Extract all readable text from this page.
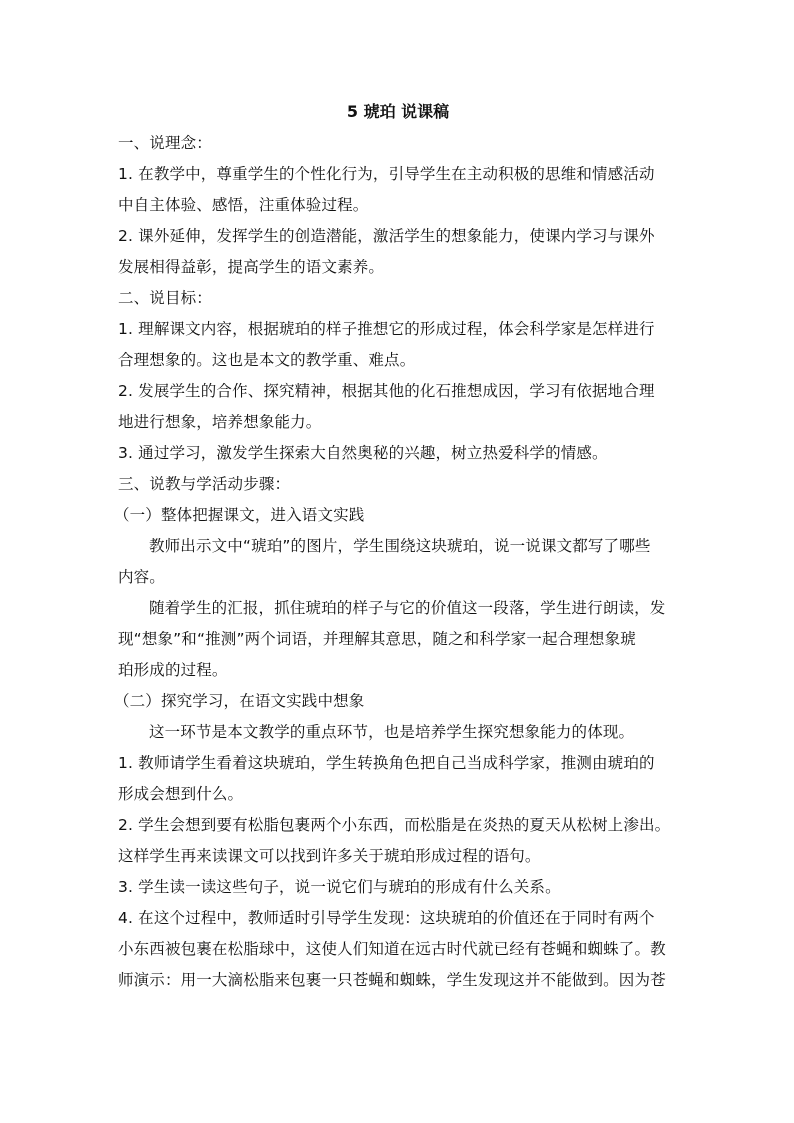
5 琥珀 说课稿
一、说理念：
1. 在教学中，尊重学生的个性化行为，引导学生在主动积极的思维和情感活动
中自主体验、感悟，注重体验过程。
2. 课外延伸，发挥学生的创造潜能，激活学生的想象能力，使课内学习与课外
发展相得益彰，提高学生的语文素养。
二、说目标：
1. 理解课文内容，根据琥珀的样子推想它的形成过程，体会科学家是怎样进行
合理想象的。这也是本文的教学重、难点。
2. 发展学生的合作、探究精神，根据其他的化石推想成因，学习有依据地合理
地进行想象，培养想象能力。
3. 通过学习，激发学生探索大自然奥秘的兴趣，树立热爱科学的情感。
三、说教与学活动步骤：
（一）整体把握课文，进入语文实践
教师出示文中“琥珀”的图片，学生围绕这块琥珀，说一说课文都写了哪些
内容。
随着学生的汇报，抓住琥珀的样子与它的价值这一段落，学生进行朗读，发
现“想象”和“推测”两个词语，并理解其意思，随之和科学家一起合理想象琥
珀形成的过程。
（二）探究学习，在语文实践中想象
这一环节是本文教学的重点环节，也是培养学生探究想象能力的体现。
1. 教师请学生看着这块琥珀，学生转换角色把自己当成科学家，推测由琥珀的
形成会想到什么。
2. 学生会想到要有松脂包裹两个小东西，而松脂是在炎热的夏天从松树上渗出。
这样学生再来读课文可以找到许多关于琥珀形成过程的语句。
3. 学生读一读这些句子，说一说它们与琥珀的形成有什么关系。
4. 在这个过程中，教师适时引导学生发现：这块琥珀的价值还在于同时有两个
小东西被包裹在松脂球中，这使人们知道在远古时代就已经有苍蝇和蜘蛛了。教
师演示：用一大滴松脂来包裹一只苍蝇和蜘蛛，学生发现这并不能做到。因为苍
